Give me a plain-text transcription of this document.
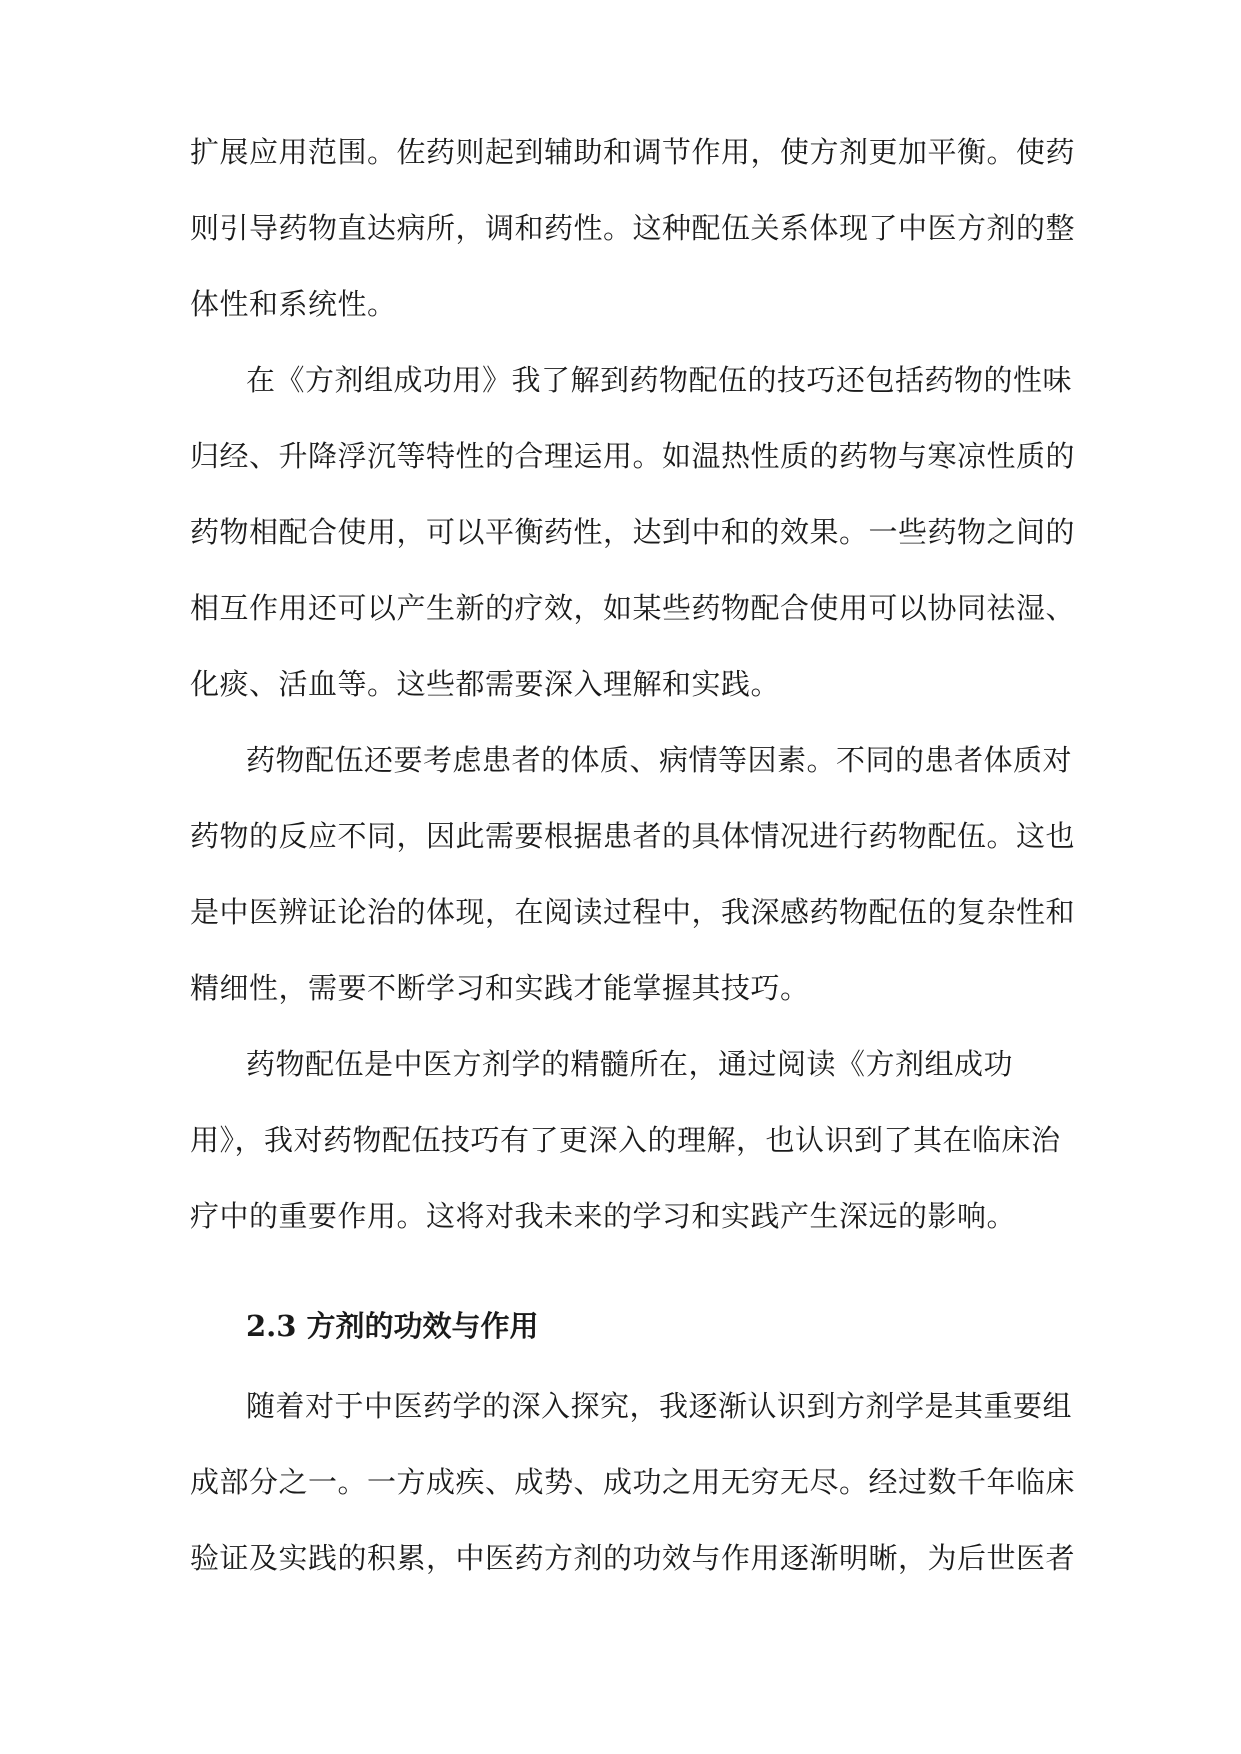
扩展应用范围。佐药则起到辅助和调节作用，使方剂更加平衡。使药

则引导药物直达病所，调和药性。这种配伍关系体现了中医方剂的整

体性和系统性。

在《方剂组成功用》我了解到药物配伍的技巧还包括药物的性味

归经、升降浮沉等特性的合理运用。如温热性质的药物与寒凉性质的

药物相配合使用，可以平衡药性，达到中和的效果。一些药物之间的

相互作用还可以产生新的疗效，如某些药物配合使用可以协同祛湿、

化痰、活血等。这些都需要深入理解和实践。

药物配伍还要考虑患者的体质、病情等因素。不同的患者体质对

药物的反应不同，因此需要根据患者的具体情况进行药物配伍。这也

是中医辨证论治的体现，在阅读过程中，我深感药物配伍的复杂性和

精细性，需要不断学习和实践才能掌握其技巧。

药物配伍是中医方剂学的精髓所在，通过阅读《方剂组成功

用》，我对药物配伍技巧有了更深入的理解，也认识到了其在临床治

疗中的重要作用。这将对我未来的学习和实践产生深远的影响。

2.3 方剂的功效与作用

随着对于中医药学的深入探究，我逐渐认识到方剂学是其重要组

成部分之一。一方成疾、成势、成功之用无穷无尽。经过数千年临床

验证及实践的积累，中医药方剂的功效与作用逐渐明晰，为后世医者
